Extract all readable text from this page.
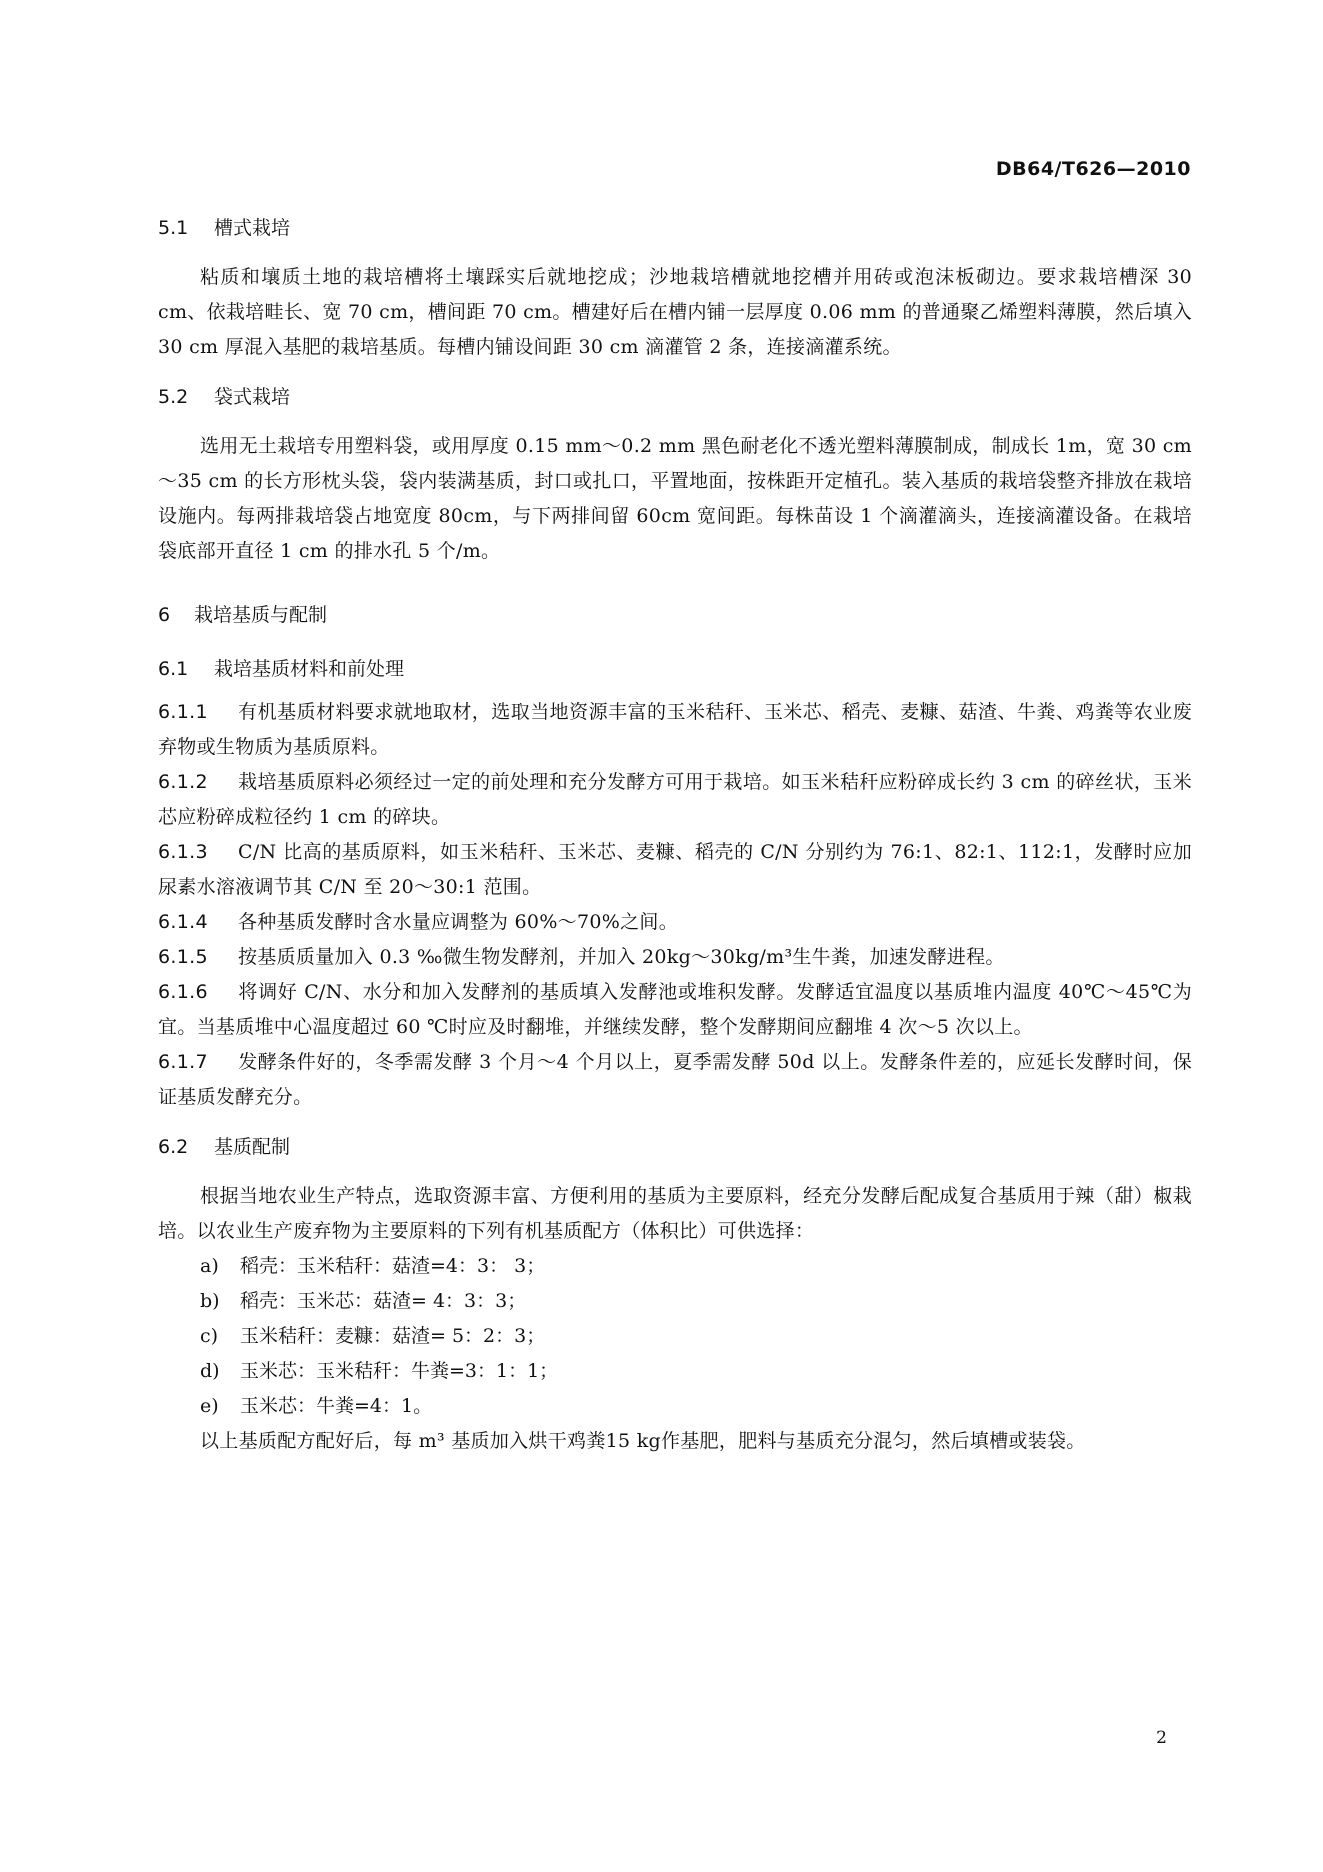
DB64/T626—2010

5.1 槽式栽培

粘质和壤质土地的栽培槽将土壤踩实后就地挖成；沙地栽培槽就地挖槽并用砖或泡沫板砌边。要求栽培槽深 30 cm、依栽培畦长、宽 70 cm，槽间距 70 cm。槽建好后在槽内铺一层厚度 0.06 mm 的普通聚乙烯塑料薄膜，然后填入 30 cm 厚混入基肥的栽培基质。每槽内铺设间距 30 cm 滴灌管 2 条，连接滴灌系统。

5.2 袋式栽培

选用无土栽培专用塑料袋，或用厚度 0.15 mm～0.2 mm 黑色耐老化不透光塑料薄膜制成，制成长 1m，宽 30 cm～35 cm 的长方形枕头袋，袋内装满基质，封口或扎口，平置地面，按株距开定植孔。装入基质的栽培袋整齐排放在栽培设施内。每两排栽培袋占地宽度 80cm，与下两排间留 60cm 宽间距。每株苗设 1 个滴灌滴头，连接滴灌设备。在栽培袋底部开直径 1 cm 的排水孔 5 个/m。

6 栽培基质与配制

6.1 栽培基质材料和前处理

6.1.1 有机基质材料要求就地取材，选取当地资源丰富的玉米秸秆、玉米芯、稻壳、麦糠、菇渣、牛粪、鸡粪等农业废弃物或生物质为基质原料。

6.1.2 栽培基质原料必须经过一定的前处理和充分发酵方可用于栽培。如玉米秸秆应粉碎成长约 3 cm 的碎丝状，玉米芯应粉碎成粒径约 1 cm 的碎块。

6.1.3 C/N 比高的基质原料，如玉米秸秆、玉米芯、麦糠、稻壳的 C/N 分别约为 76:1、82:1、112:1，发酵时应加尿素水溶液调节其 C/N 至 20～30:1 范围。

6.1.4 各种基质发酵时含水量应调整为 60%～70%之间。

6.1.5 按基质质量加入 0.3 ‰微生物发酵剂，并加入 20kg～30kg/m³生牛粪，加速发酵进程。

6.1.6 将调好 C/N、水分和加入发酵剂的基质填入发酵池或堆积发酵。发酵适宜温度以基质堆内温度 40℃～45℃为宜。当基质堆中心温度超过 60 ℃时应及时翻堆，并继续发酵，整个发酵期间应翻堆 4 次～5 次以上。

6.1.7 发酵条件好的，冬季需发酵 3 个月～4 个月以上，夏季需发酵 50d 以上。发酵条件差的，应延长发酵时间，保证基质发酵充分。

6.2 基质配制

根据当地农业生产特点，选取资源丰富、方便利用的基质为主要原料，经充分发酵后配成复合基质用于辣（甜）椒栽培。以农业生产废弃物为主要原料的下列有机基质配方（体积比）可供选择：

a) 稻壳：玉米秸秆：菇渣=4：3： 3；

b) 稻壳：玉米芯：菇渣= 4：3：3；

c) 玉米秸秆：麦糠：菇渣= 5：2：3；

d) 玉米芯：玉米秸秆：牛粪=3：1：1；

e) 玉米芯：牛粪=4：1。

以上基质配方配好后，每 m³ 基质加入烘干鸡粪15 kg作基肥，肥料与基质充分混匀，然后填槽或装袋。

2
